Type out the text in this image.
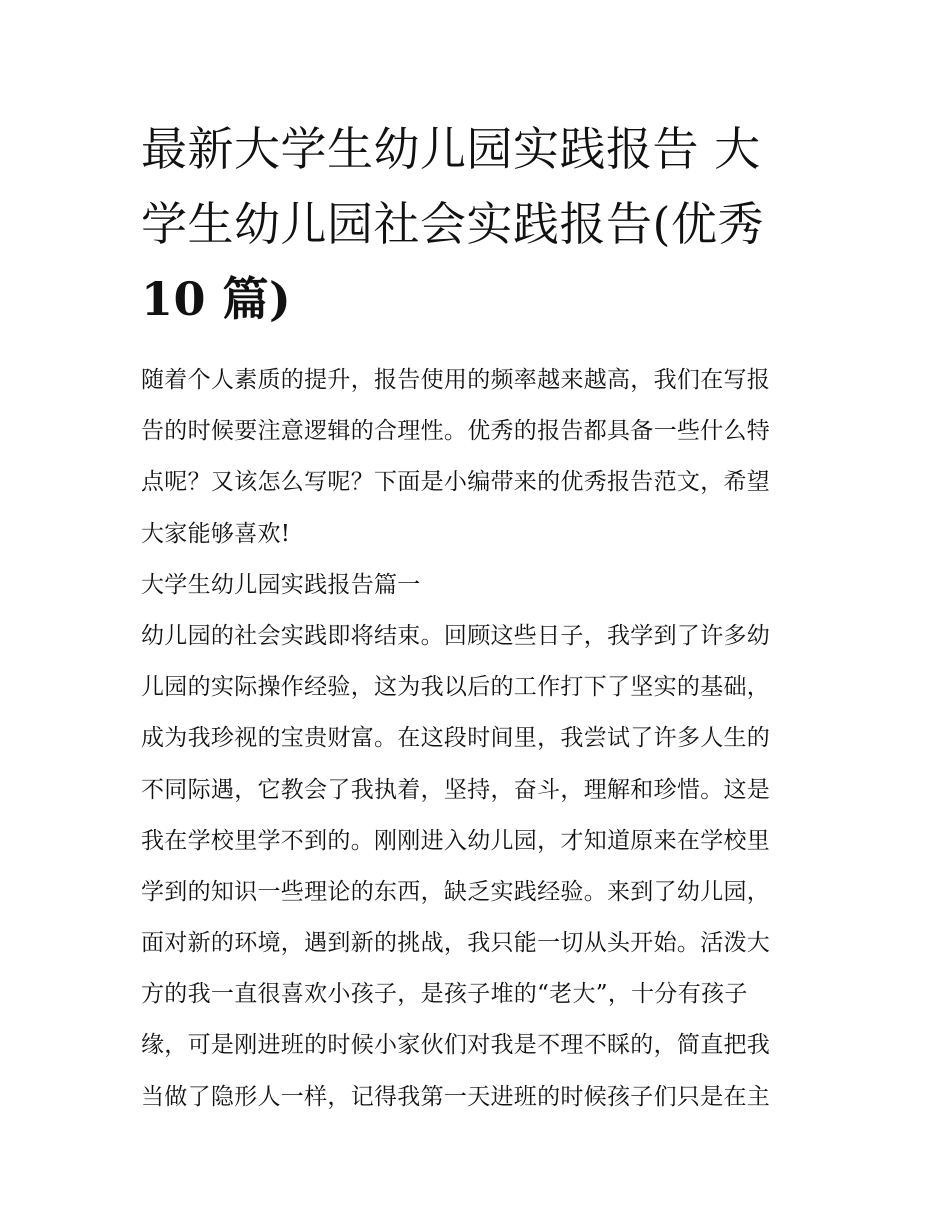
最新大学生幼儿园实践报告 大
学生幼儿园社会实践报告(优秀
10 篇)
随着个人素质的提升，报告使用的频率越来越高，我们在写报
告的时候要注意逻辑的合理性。优秀的报告都具备一些什么特
点呢？又该怎么写呢？下面是小编带来的优秀报告范文，希望
大家能够喜欢!
大学生幼儿园实践报告篇一
幼儿园的社会实践即将结束。回顾这些日子，我学到了许多幼
儿园的实际操作经验，这为我以后的工作打下了坚实的基础，
成为我珍视的宝贵财富。在这段时间里，我尝试了许多人生的
不同际遇，它教会了我执着，坚持，奋斗，理解和珍惜。这是
我在学校里学不到的。刚刚进入幼儿园，才知道原来在学校里
学到的知识一些理论的东西，缺乏实践经验。来到了幼儿园，
面对新的环境，遇到新的挑战，我只能一切从头开始。活泼大
方的我一直很喜欢小孩子，是孩子堆的“老大”，十分有孩子
缘，可是刚进班的时候小家伙们对我是不理不睬的，简直把我
当做了隐形人一样，记得我第一天进班的时候孩子们只是在主
